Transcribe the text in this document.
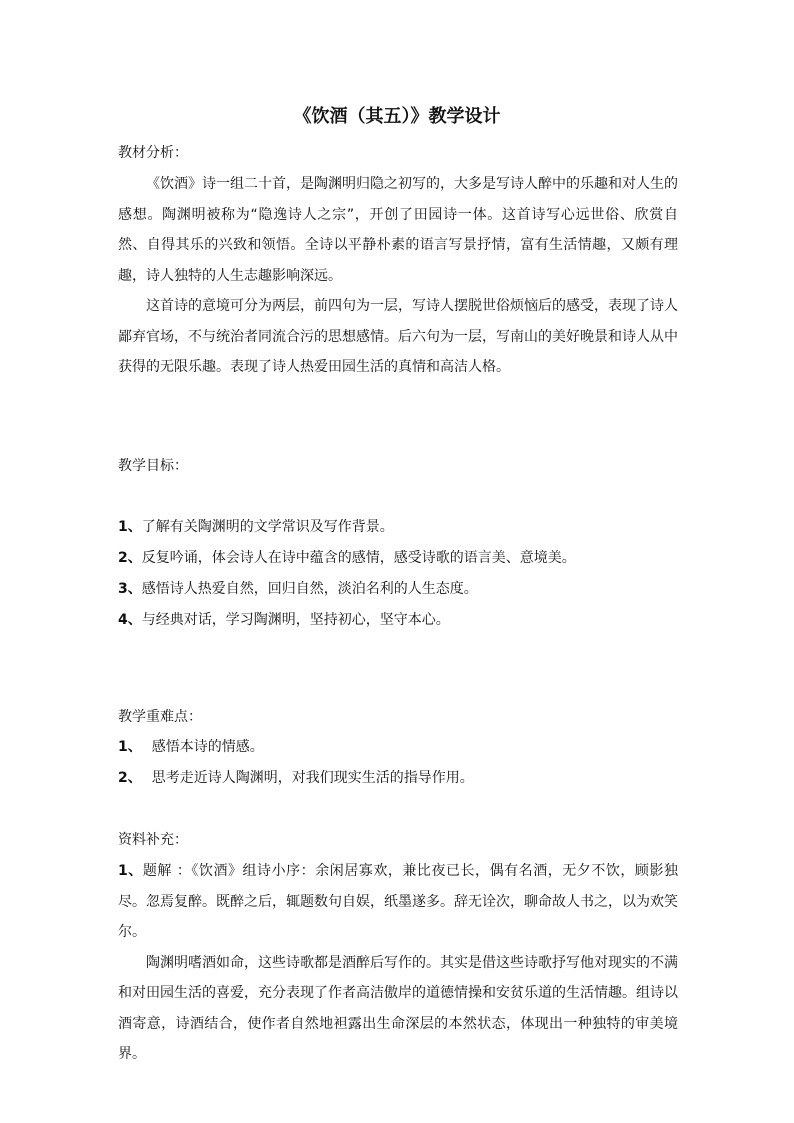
《饮酒（其五）》教学设计
教材分析：
《饮酒》诗一组二十首，是陶渊明归隐之初写的，大多是写诗人醉中的乐趣和对人生的感想。陶渊明被称为“隐逸诗人之宗”，开创了田园诗一体。这首诗写心远世俗、欣赏自然、自得其乐的兴致和领悟。全诗以平静朴素的语言写景抒情，富有生活情趣，又颇有理趣，诗人独特的人生志趣影响深远。
这首诗的意境可分为两层，前四句为一层，写诗人摆脱世俗烦恼后的感受，表现了诗人鄙弃官场，不与统治者同流合污的思想感情。后六句为一层，写南山的美好晚景和诗人从中获得的无限乐趣。表现了诗人热爱田园生活的真情和高洁人格。
教学目标：
1、了解有关陶渊明的文学常识及写作背景。
2、反复吟诵，体会诗人在诗中蕴含的感情，感受诗歌的语言美、意境美。
3、感悟诗人热爱自然，回归自然，淡泊名利的人生态度。
4、与经典对话，学习陶渊明，坚持初心，坚守本心。
教学重难点：
1、 感悟本诗的情感。
2、 思考走近诗人陶渊明，对我们现实生活的指导作用。
资料补充：
1、题解 ：《饮酒》组诗小序：余闲居寡欢，兼比夜已长，偶有名酒，无夕不饮，顾影独尽。忽焉复醉。既醉之后，辄题数句自娱，纸墨遂多。辞无诠次，聊命故人书之，以为欢笑尔。
陶渊明嗜酒如命，这些诗歌都是酒醉后写作的。其实是借这些诗歌抒写他对现实的不满和对田园生活的喜爱，充分表现了作者高洁傲岸的道德情操和安贫乐道的生活情趣。组诗以酒寄意，诗酒结合，使作者自然地袒露出生命深层的本然状态，体现出一种独特的审美境界。
